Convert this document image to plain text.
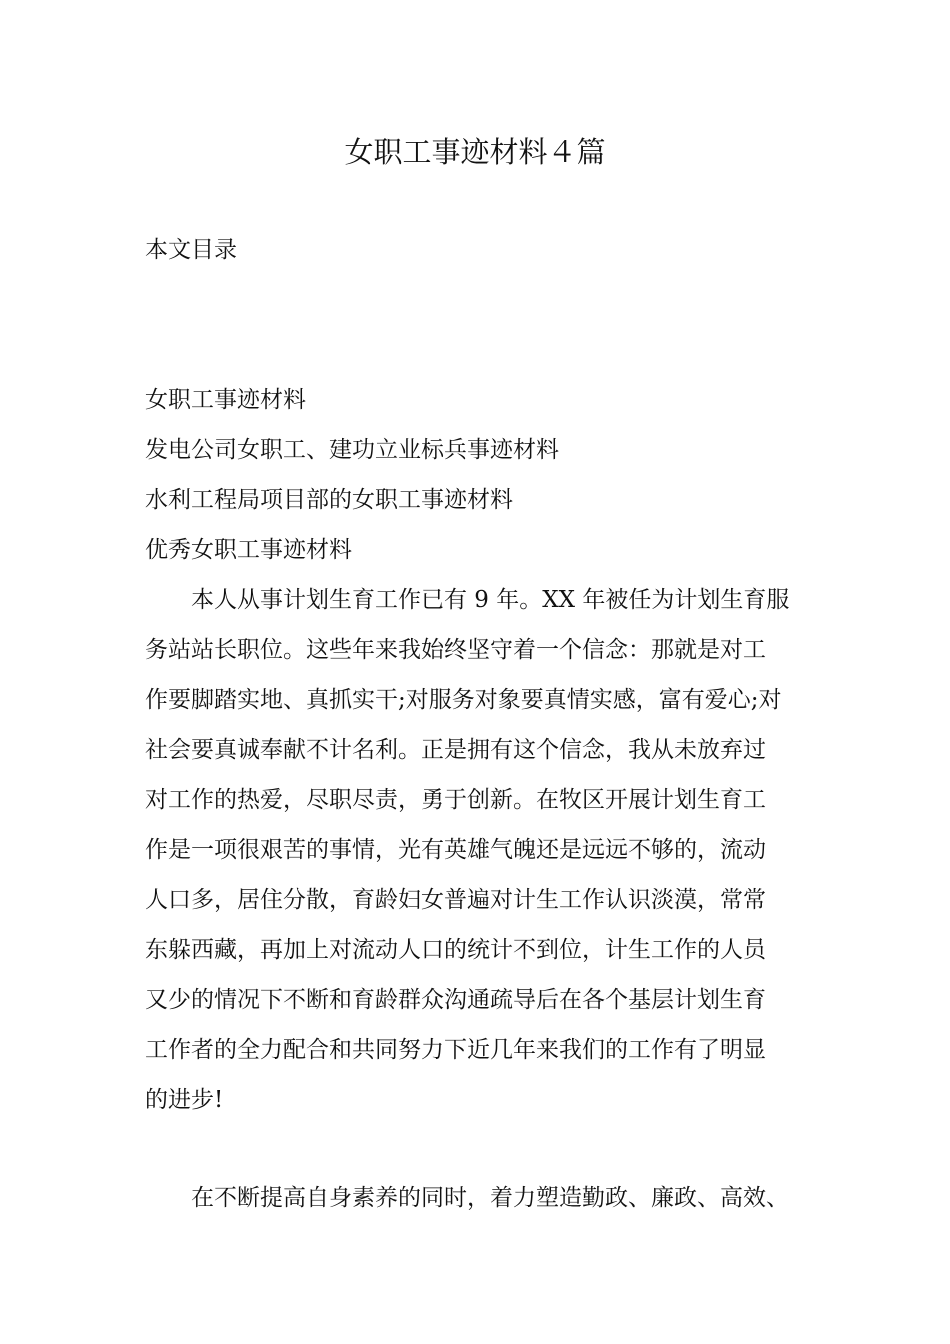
女职工事迹材料４篇
本文目录
女职工事迹材料
发电公司女职工、建功立业标兵事迹材料
水利工程局项目部的女职工事迹材料
优秀女职工事迹材料
本人从事计划生育工作已有 9 年。XX 年被任为计划生育服
务站站长职位。这些年来我始终坚守着一个信念：那就是对工
作要脚踏实地、真抓实干;对服务对象要真情实感，富有爱心;对
社会要真诚奉献不计名利。正是拥有这个信念，我从未放弃过
对工作的热爱，尽职尽责，勇于创新。在牧区开展计划生育工
作是一项很艰苦的事情，光有英雄气魄还是远远不够的，流动
人口多，居住分散，育龄妇女普遍对计生工作认识淡漠，常常
东躲西藏，再加上对流动人口的统计不到位，计生工作的人员
又少的情况下不断和育龄群众沟通疏导后在各个基层计划生育
工作者的全力配合和共同努力下近几年来我们的工作有了明显
的进步!
在不断提高自身素养的同时，着力塑造勤政、廉政、高效、
